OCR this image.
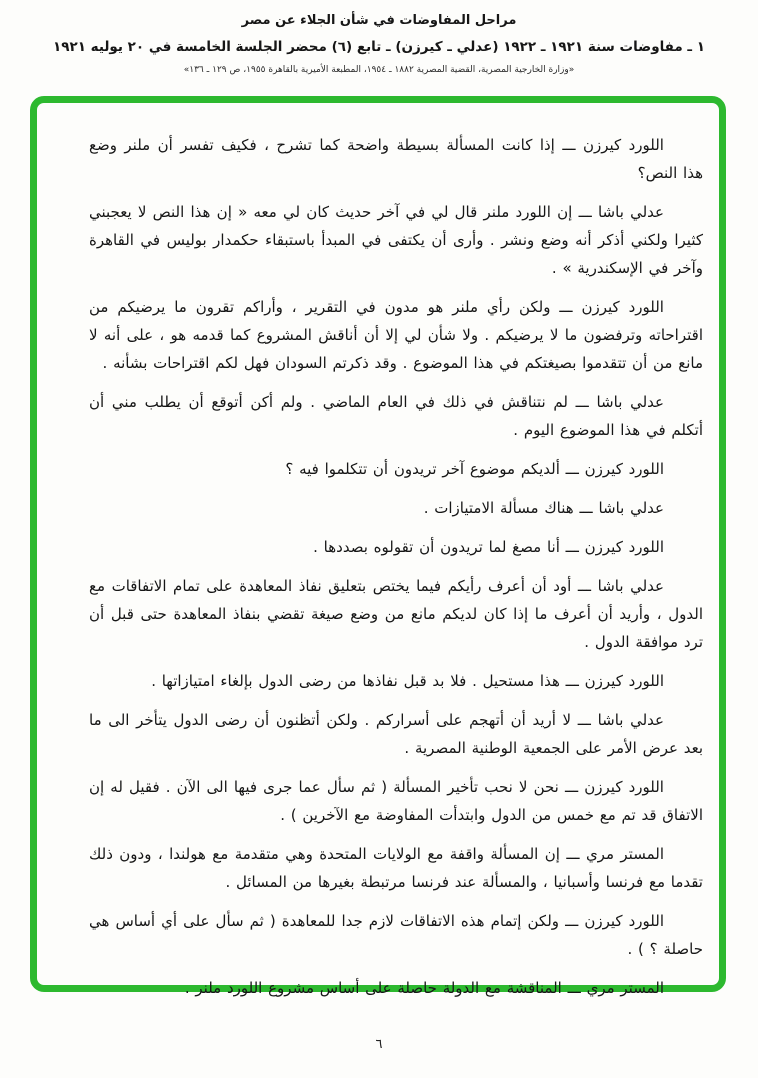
مراحل المفاوضات في شأن الجلاء عن مصر
١ ـ مفاوضات سنة ١٩٢١ ـ ١٩٢٢ (عدلي ـ كيرزن) ـ تابع (٦) محضر الجلسة الخامسة في ٢٠ يوليه ١٩٢١
«وزارة الخارجية المصرية، القضية المصرية ١٨٨٢ ـ ١٩٥٤، المطبعة الأميرية بالقاهرة ١٩٥٥، ص ١٢٩ ـ ١٣٦»

اللورد كيرزن ـــ إذا كانت المسألة بسيطة واضحة كما تشرح ، فكيف تفسر أن ملنر وضع هذا النص؟

عدلي باشا ـــ إن اللورد ملنر قال لي في آخر حديث كان لي معه « إن هذا النص لا يعجبني كثيرا ولكني أذكر أنه وضع ونشر . وأرى أن يكتفى في المبدأ باستبقاء حكمدار بوليس في القاهرة وآخر في الإسكندرية » .

اللورد كيرزن ـــ ولكن رأي ملنر هو مدون في التقرير ، وأراكم تقرون ما يرضيكم من اقتراحاته وترفضون ما لا يرضيكم . ولا شأن لي إلا أن أناقش المشروع كما قدمه هو ، على أنه لا مانع من أن تتقدموا بصيغتكم في هذا الموضوع . وقد ذكرتم السودان فهل لكم اقتراحات بشأنه .

عدلي باشا ـــ لم نتناقش في ذلك في العام الماضي . ولم أكن أتوقع أن يطلب مني أن أتكلم في هذا الموضوع اليوم .

اللورد كيرزن ـــ ألديكم موضوع آخر تريدون أن تتكلموا فيه ؟

عدلي باشا ـــ هناك مسألة الامتيازات .

اللورد كيرزن ـــ أنا مصغ لما تريدون أن تقولوه بصددها .

عدلي باشا ـــ أود أن أعرف رأيكم فيما يختص بتعليق نفاذ المعاهدة على تمام الاتفاقات مع الدول ، وأريد أن أعرف ما إذا كان لديكم مانع من وضع صيغة تقضي بنفاذ المعاهدة حتى قبل أن ترد موافقة الدول .

اللورد كيرزن ـــ هذا مستحيل . فلا بد قبل نفاذها من رضى الدول بإلغاء امتيازاتها .

عدلي باشا ـــ لا أريد أن أتهجم على أسراركم . ولكن أتظنون أن رضى الدول يتأخر الى ما بعد عرض الأمر على الجمعية الوطنية المصرية .

اللورد كيرزن ـــ نحن لا نحب تأخير المسألة ( ثم سأل عما جرى فيها الى الآن . فقيل له إن الاتفاق قد تم مع خمس من الدول وابتدأت المفاوضة مع الآخرين ) .

المستر مري ـــ إن المسألة واقفة مع الولايات المتحدة وهي متقدمة مع هولندا ، ودون ذلك تقدما مع فرنسا وأسبانيا ، والمسألة عند فرنسا مرتبطة بغيرها من المسائل .

اللورد كيرزن ـــ ولكن إتمام هذه الاتفاقات لازم جدا للمعاهدة ( ثم سأل على أي أساس هي حاصلة ؟ ) .

المستر مري ـــ المناقشة مع الدولة حاصلة على أساس مشروع اللورد ملنر .

٦
